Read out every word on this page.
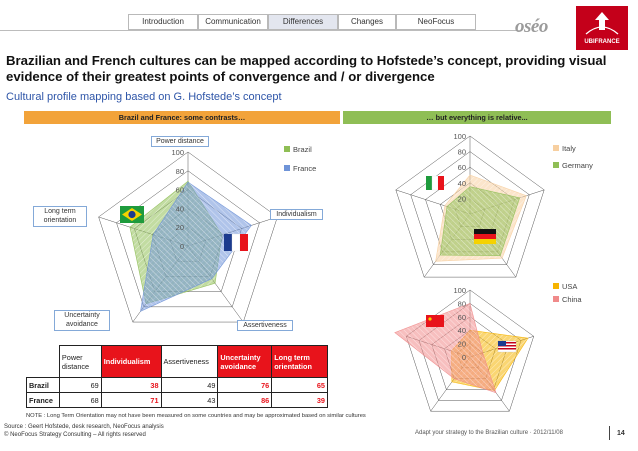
Introduction	Communication	Differences	Changes	NeoFocus	oséo
UBIFRANCE
Brazilian and French cultures can be mapped according to Hofstede’s concept, providing visual evidence of their greatest points of convergence and / or divergence
Cultural profile mapping based on G. Hofstede’s concept
Brazil and France: some contrasts…	… but everything is relative...
0
20
40
60
80
100	Brazil
France
Power distance
Individualism
Assertiveness
Uncertainty avoidance
Long term orientation
	Power distance	Individualism	Assertiveness	Uncertainty avoidance	Long term orientation
Brazil	69	38	49	76	65
France	68	71	43	86	39
20
40
60
80
100
Italy
Germany
0
20
40
60
80
100	USA
China
NOTE : Long Term Orientation may not have been measured on some countries and may be approximated based on similar cultures
Source : Geert Hofstede, desk research, NeoFocus analysis
© NeoFocus Strategy Consulting – All rights reserved	Adapt your strategy to the Brazilian culture · 2012/11/08	14
